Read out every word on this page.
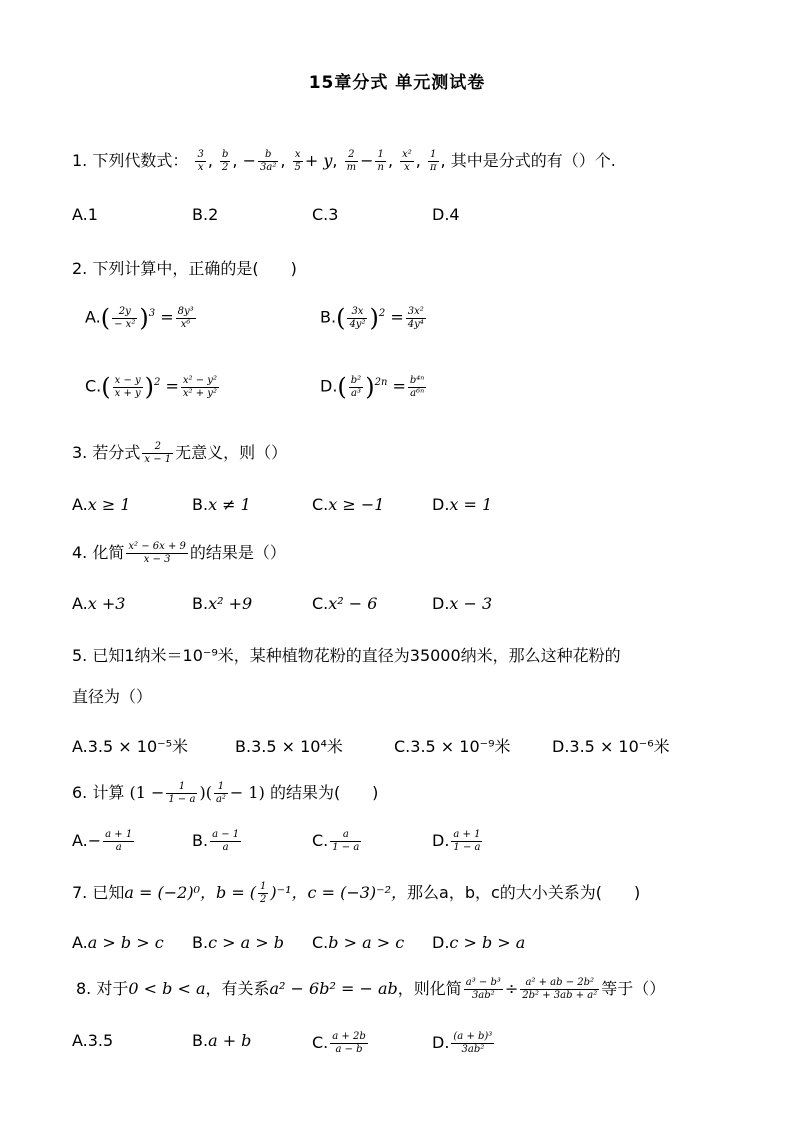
15章分式 单元测试卷
1. 下列代数式： $\frac{3}{x}$ , $\frac{b}{2}$ , − $\frac{b}{\text{3a²}}$ , $\frac{x}{5} + y$, $\frac{2}{m} - \frac{1}{n}$ , $\frac{\text{x²}}{x}$ , $\frac{1}{\pi}$ , 其中是分式的有（）个.
A.1	B.2	C.3	D.4
2. 下列计算中，正确的是(　　)
$A.( \frac{2y}{\text{− x²}} )^3 = \frac{\text{8y³}}{\text{x⁶}}$	$B.( \frac{3x}{\text{4y²}} )^2 = \frac{\text{3x²}}{\text{4y⁴}}$
$C.( \frac{x - y}{x + y} )^2 = \frac{\text{x² − y²}}{\text{x² + y²}}$	$D.( \frac{\text{b²}}{\text{a³}} )^{2n} = \frac{\text{b⁴ⁿ}}{\text{a⁶ⁿ}}$
3. 若分式 $\frac{2}{x - 1}$ 无意义，则（）
A.x ≥ 1	B.x ≠ 1	C.x ≥ −1	D.x = 1
4. 化简 $\frac{\text{x² − 6x + 9}}{x - 3}$ 的结果是（）
A.x +3	B.x² +9	C.x² − 6	D.x − 3
5. 已知1纳米＝10⁻⁹米，某种植物花粉的直径为35000纳米，那么这种花粉的
直径为（）
A.3.5 × 10⁻⁵米	B.3.5 × 10⁴米	C.3.5 × 10⁻⁹米	D.3.5 × 10⁻⁶米
6. 计算 ($1 - \frac{1}{1 - a}$ )( $\frac{1}{\text{a²}} - 1$) 的结果为(　　)
$A.- \frac{a + 1}{a}$	B. $\frac{a - 1}{a}$	C. $\frac{a}{1 - a}$	D. $\frac{a + 1}{1 - a}$
7. 已知a = (−2)⁰，b = ( $\frac{1}{2} )^{-1}$，c = (−3)⁻²，那么a，b，c的大小关系为(　　)
A.a > b > c B.c > a > b C.b > a > c D.c > b > a
8. 对于0 < b < a，有关系a² − 6b² = − ab，则化简 $\frac{\text{a³ − b³}}{\text{3ab²}} \div \frac{\text{a² + ab − 2b²}}{\text{2b² + 3ab + a²}}$ 等于（）
A.3.5	B.a + b	C. $\frac{a + 2b}{a - b}$	D. $\frac{\text{(a + b)³}}{\text{3ab²}}$
